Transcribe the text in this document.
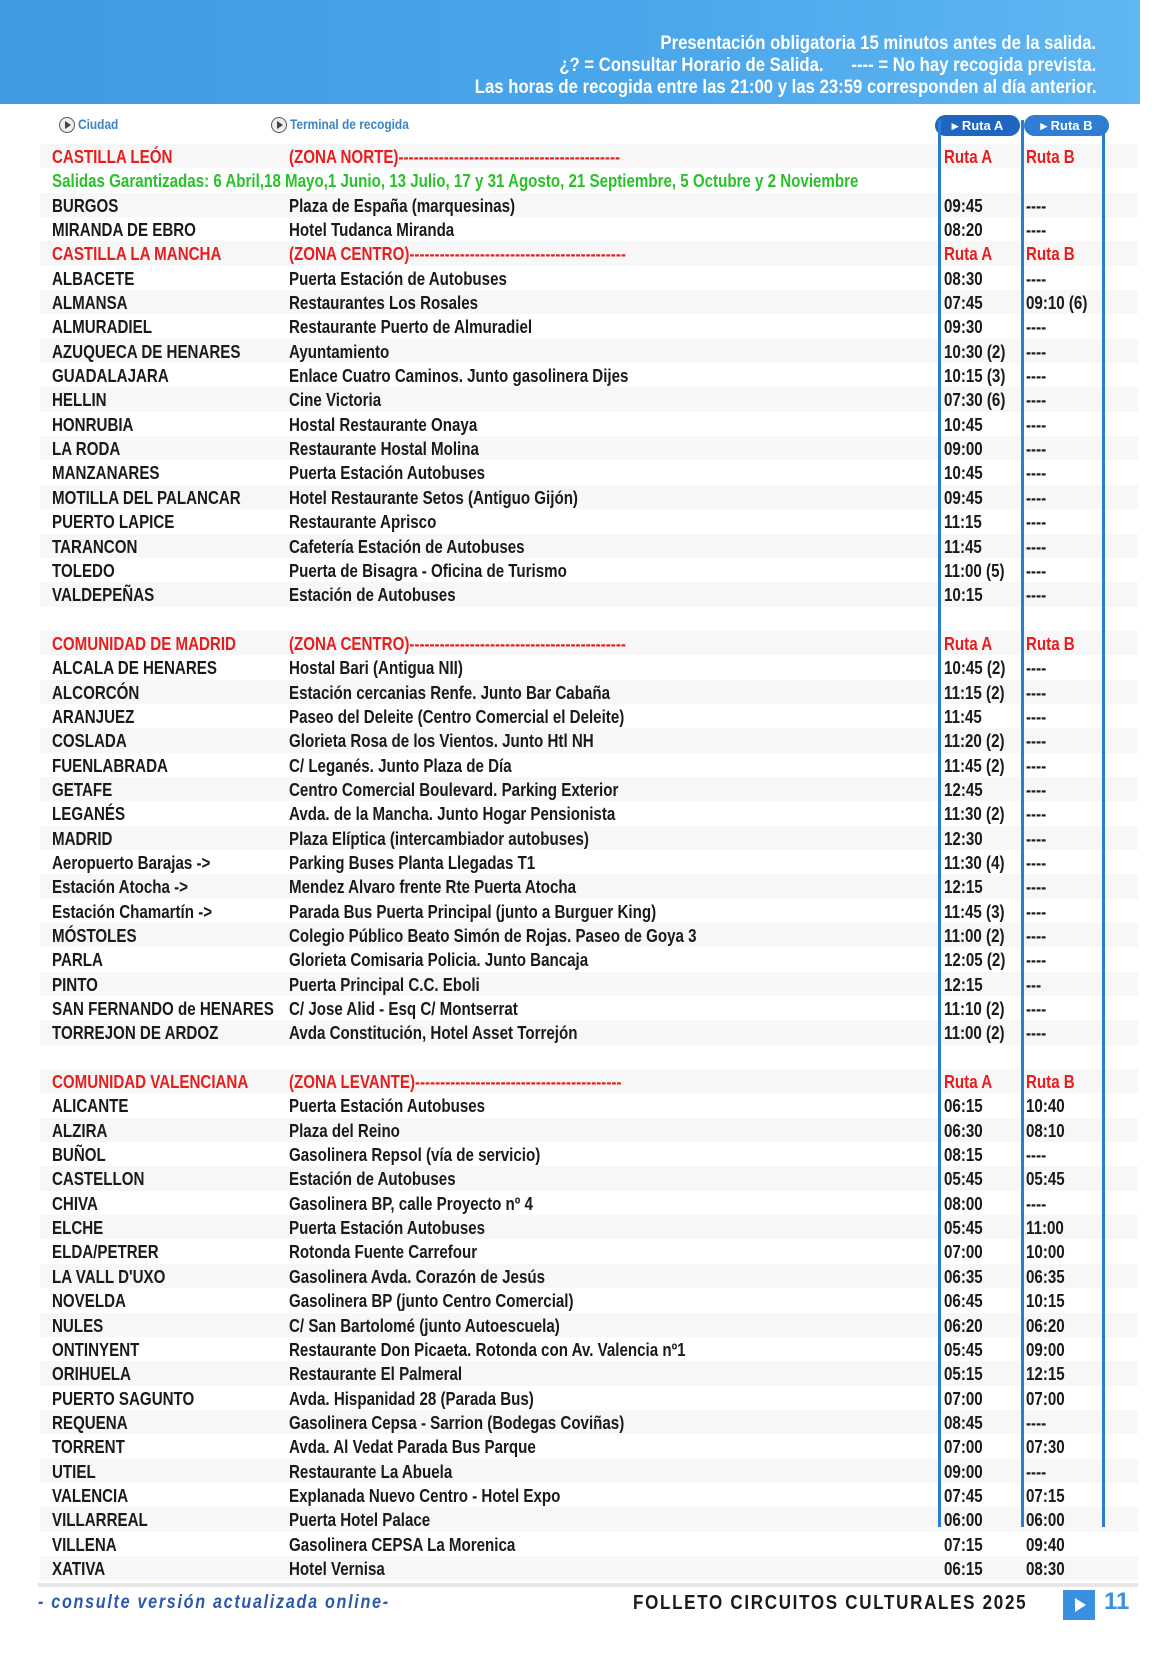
Presentación obligatoria 15 minutos antes de la salida.
¿? = Consultar Horario de Salida.      ---- = No hay recogida prevista.
Las horas de recogida entre las 21:00 y las 23:59 corresponden al día anterior.
Ciudad	Terminal de recogida	▸ Ruta A	▸ Ruta B
CASTILLA LEÓN	(ZONA NORTE)--------------------------------------------	Ruta A Ruta B
Salidas Garantizadas: 6 Abril,18 Mayo,1 Junio, 13 Julio, 17 y 31 Agosto, 21 Septiembre, 5 Octubre y 2 Noviembre
BURGOS	Plaza de España (marquesinas)	09:45 ----
MIRANDA DE EBRO	Hotel Tudanca Miranda	08:20 ----
CASTILLA LA MANCHA	(ZONA CENTRO)-------------------------------------------	Ruta A Ruta B
ALBACETE	Puerta Estación de Autobuses	08:30 ----
ALMANSA	Restaurantes Los Rosales	07:45 09:10 (6)
ALMURADIEL	Restaurante Puerto de Almuradiel	09:30 ----
AZUQUECA DE HENARES	Ayuntamiento	10:30 (2) ----
GUADALAJARA	Enlace Cuatro Caminos. Junto gasolinera Dijes	10:15 (3) ----
HELLIN	Cine Victoria	07:30 (6) ----
HONRUBIA	Hostal Restaurante Onaya	10:45 ----
LA RODA	Restaurante Hostal Molina	09:00 ----
MANZANARES	Puerta Estación Autobuses	10:45 ----
MOTILLA DEL PALANCAR	Hotel Restaurante Setos (Antiguo Gijón)	09:45 ----
PUERTO LAPICE	Restaurante Aprisco	11:15 ----
TARANCON	Cafetería Estación de Autobuses	11:45 ----
TOLEDO	Puerta de Bisagra - Oficina de Turismo	11:00 (5) ----
VALDEPEÑAS	Estación de Autobuses	10:15 ----
COMUNIDAD DE MADRID	(ZONA CENTRO)-------------------------------------------	Ruta A Ruta B
ALCALA DE HENARES	Hostal Bari (Antigua NII)	10:45 (2) ----
ALCORCÓN	Estación cercanias Renfe. Junto Bar Cabaña	11:15 (2) ----
ARANJUEZ	Paseo del Deleite (Centro Comercial el Deleite)	11:45 ----
COSLADA	Glorieta Rosa de los Vientos. Junto Htl NH	11:20 (2) ----
FUENLABRADA	C/ Leganés. Junto Plaza de Día	11:45 (2) ----
GETAFE	Centro Comercial Boulevard. Parking Exterior	12:45 ----
LEGANÉS	Avda. de la Mancha. Junto Hogar Pensionista	11:30 (2) ----
MADRID	Plaza Elíptica (intercambiador autobuses)	12:30 ----
Aeropuerto Barajas ->	Parking Buses Planta Llegadas T1	11:30 (4) ----
Estación Atocha ->	Mendez Alvaro frente Rte Puerta Atocha	12:15 ----
Estación Chamartín ->	Parada Bus Puerta Principal (junto a Burguer King)	11:45 (3) ----
MÓSTOLES	Colegio Público Beato Simón de Rojas. Paseo de Goya 3	11:00 (2) ----
PARLA	Glorieta Comisaria Policia. Junto Bancaja	12:05 (2) ----
PINTO	Puerta Principal C.C. Eboli	12:15 ---
SAN FERNANDO de HENARES C/ Jose Alid - Esq C/ Montserrat	11:10 (2) ----
TORREJON DE ARDOZ	Avda Constitución, Hotel Asset Torrejón	11:00 (2) ----
COMUNIDAD VALENCIANA (ZONA LEVANTE)-----------------------------------------	Ruta A Ruta B
ALICANTE	Puerta Estación Autobuses	06:15 10:40
ALZIRA	Plaza del Reino	06:30 08:10
BUÑOL	Gasolinera Repsol (vía de servicio)	08:15 ----
CASTELLON	Estación de Autobuses	05:45 05:45
CHIVA	Gasolinera BP, calle Proyecto nº 4	08:00 ----
ELCHE	Puerta Estación Autobuses	05:45 11:00
ELDA/PETRER	Rotonda Fuente Carrefour	07:00 10:00
LA VALL D'UXO	Gasolinera Avda. Corazón de Jesús	06:35 06:35
NOVELDA	Gasolinera BP (junto Centro Comercial)	06:45 10:15
NULES	C/ San Bartolomé (junto Autoescuela)	06:20 06:20
ONTINYENT	Restaurante Don Picaeta. Rotonda con Av. Valencia nº1	05:45 09:00
ORIHUELA	Restaurante El Palmeral	05:15 12:15
PUERTO SAGUNTO	Avda. Hispanidad 28 (Parada Bus)	07:00 07:00
REQUENA	Gasolinera Cepsa - Sarrion (Bodegas Coviñas)	08:45 ----
TORRENT	Avda. Al Vedat Parada Bus Parque	07:00 07:30
UTIEL	Restaurante La Abuela	09:00 ----
VALENCIA	Explanada Nuevo Centro - Hotel Expo	07:45 07:15
VILLARREAL	Puerta Hotel Palace	06:00 06:00
VILLENA	Gasolinera CEPSA La Morenica	07:15 09:40
XATIVA	Hotel Vernisa	06:15 08:30
- consulte versión actualizada online-	FOLLETO CIRCUITOS CULTURALES 2025	11
